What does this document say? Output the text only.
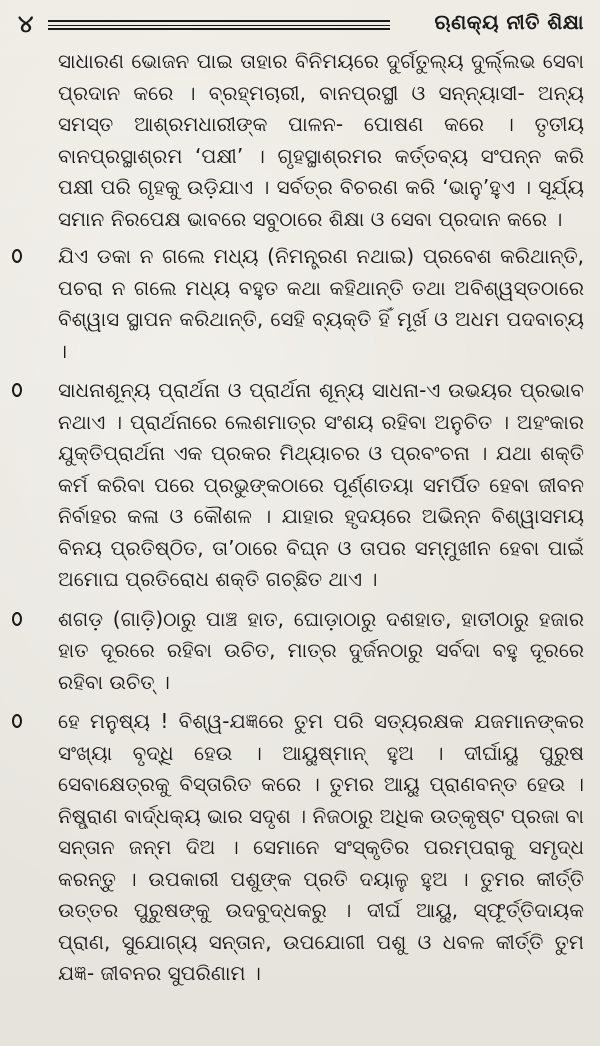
୪	ଋଣକ୍ୟ ନୀତି ଶିକ୍ଷା

ସାଧାରଣ ଭୋଜନ ପାଇ ତାହାର ବିନିମୟରେ ଦୁର୍ଗତୁଲ୍ୟ ଦୁର୍ଲ୍ଲଭ ସେବା ପ୍ରଦାନ କରେ । ବ୍ରହ୍ମଚାରୀ, ବାନପ୍ରସ୍ଥୀ ଓ ସନ୍ନ୍ୟାସୀ- ଅନ୍ୟ ସମସ୍ତ ଆଶ୍ରମଧାରୀଙ୍କ ପାଳନ- ପୋଷଣ କରେ । ତୃତୀୟ ବାନପ୍ରସ୍ଥାଶ୍ରମ ‘ପକ୍ଷୀ’ । ଗୃହସ୍ଥାଶ୍ରମର କର୍ତ୍ତବ୍ୟ ସଂପନ୍ନ କରି ପକ୍ଷୀ ପରି ଗୃହକୁ ଉଡ଼ିଯାଏ । ସର୍ବତ୍ର ବିଚରଣ କରି ‘ଭାନୁ’ହୁଏ । ସୂର୍ଯ୍ୟ ସମାନ ନିରପେକ୍ଷ ଭାବରେ ସବୁଠାରେ ଶିକ୍ଷା ଓ ସେବା ପ୍ରଦାନ କରେ ।

ଯିଏ ଡକା ନ ଗଲେ ମଧ୍ୟ (ନିମନ୍ତ୍ରଣ ନଥାଇ) ପ୍ରବେଶ କରିଥାନ୍ତି, ପଚରା ନ ଗଲେ ମଧ୍ୟ ବହୁତ କଥା କହିଥାନ୍ତି ତଥା ଅବିଶ୍ୱସ୍ତଠାରେ ବିଶ୍ୱାସ ସ୍ଥାପନ କରିଥାନ୍ତି, ସେହି ବ୍ୟକ୍ତି ହିଁ ମୂର୍ଖ ଓ ଅଧମ ପଦବାଚ୍ୟ ।
ସାଧନାଶୂନ୍ୟ ପ୍ରାର୍ଥନା ଓ ପ୍ରାର୍ଥନା ଶୂନ୍ୟ ସାଧନା-ଏ ଉଭୟର ପ୍ରଭାବ ନଥାଏ । ପ୍ରାର୍ଥନାରେ ଲେଶମାତ୍ର ସଂଶୟ ରହିବା ଅନୁଚିତ । ଅହଂକାର ଯୁକ୍ତିପ୍ରାର୍ଥନା ଏକ ପ୍ରକର ମିଥ୍ୟାଚର ଓ ପ୍ରବଂଚନା । ଯଥା ଶକ୍ତି କର୍ମ କରିବା ପରେ ପ୍ରଭୁଙ୍କଠାରେ ପୂର୍ଣ୍ଣତୟା ସମର୍ପିତ ହେବା ଜୀବନ ନିର୍ବାହର କଳା ଓ କୌଶଳ । ଯାହାର ହୃଦୟରେ ଅଭିନ୍ନ ବିଶ୍ୱାସମୟ ବିନୟ ପ୍ରତିଷ୍ଠିତ, ତା’ଠାରେ ବିଘ୍ନ ଓ ତାପର ସମ୍ମୁଖୀନ ହେବା ପାଇଁ ଅମୋଘ ପ୍ରତିରୋଧ ଶକ୍ତି ଗଚ୍ଛିତ ଥାଏ ।
ଶଗଡ଼ (ଗାଡ଼ି)ଠାରୁ ପାଞ୍ଚ ହାତ, ଘୋଡ଼ାଠାରୁ ଦଶହାତ, ହାତୀଠାରୁ ହଜାର ହାତ ଦୂରରେ ରହିବା ଉଚିତ, ମାତ୍ର ଦୁର୍ଜନଠାରୁ ସର୍ବଦା ବହୁ ଦୂରରେ ରହିବା ଉଚିତ୍ ।
ହେ ମନୁଷ୍ୟ ! ବିଶ୍ୱ-ଯଜ୍ଞରେ ତୁମ ପରି ସତ୍ୟରକ୍ଷକ ଯଜମାନଙ୍କର ସଂଖ୍ୟା ବୃଦ୍ଧି ହେଉ । ଆୟୁଷ୍ମାନ୍ ହୁଅ । ଦୀର୍ଘାୟୁ ପୁରୁଷ ସେବାକ୍ଷେତ୍ରକୁ ବିସ୍ତାରିତ କରେ । ତୁମର ଆୟୁ ପ୍ରାଣବନ୍ତ ହେଉ । ନିଷ୍ପ୍ରାଣ ବାର୍ଦ୍ଧକ୍ୟ ଭାର ସଦୃଶ । ନିଜଠାରୁ ଅଧିକ ଉତ୍କୃଷ୍ଟ ପ୍ରଜା ବା ସନ୍ତାନ ଜନ୍ମ ଦିଅ । ସେମାନେ ସଂସ୍କୃତିର ପରମ୍ପରାକୁ ସମୃଦ୍ଧ କରନ୍ତୁ । ଉପକାରୀ ପଶୁଙ୍କ ପ୍ରତି ଦୟାଳୁ ହୁଅ । ତୁମର କୀର୍ତ୍ତି ଉତ୍ତର ପୁରୁଷଙ୍କୁ ଉଦବୁଦ୍ଧକରୁ । ଦୀର୍ଘ ଆୟୁ, ସ୍ଫୂର୍ତ୍ତିଦାୟକ ପ୍ରାଣ, ସୁଯୋଗ୍ୟ ସନ୍ତାନ, ଉପଯୋଗୀ ପଶୁ ଓ ଧବଳ କୀର୍ତ୍ତି ତୁମ ଯଜ୍ଞ- ଜୀବନର ସୁପରିଣାମ ।
